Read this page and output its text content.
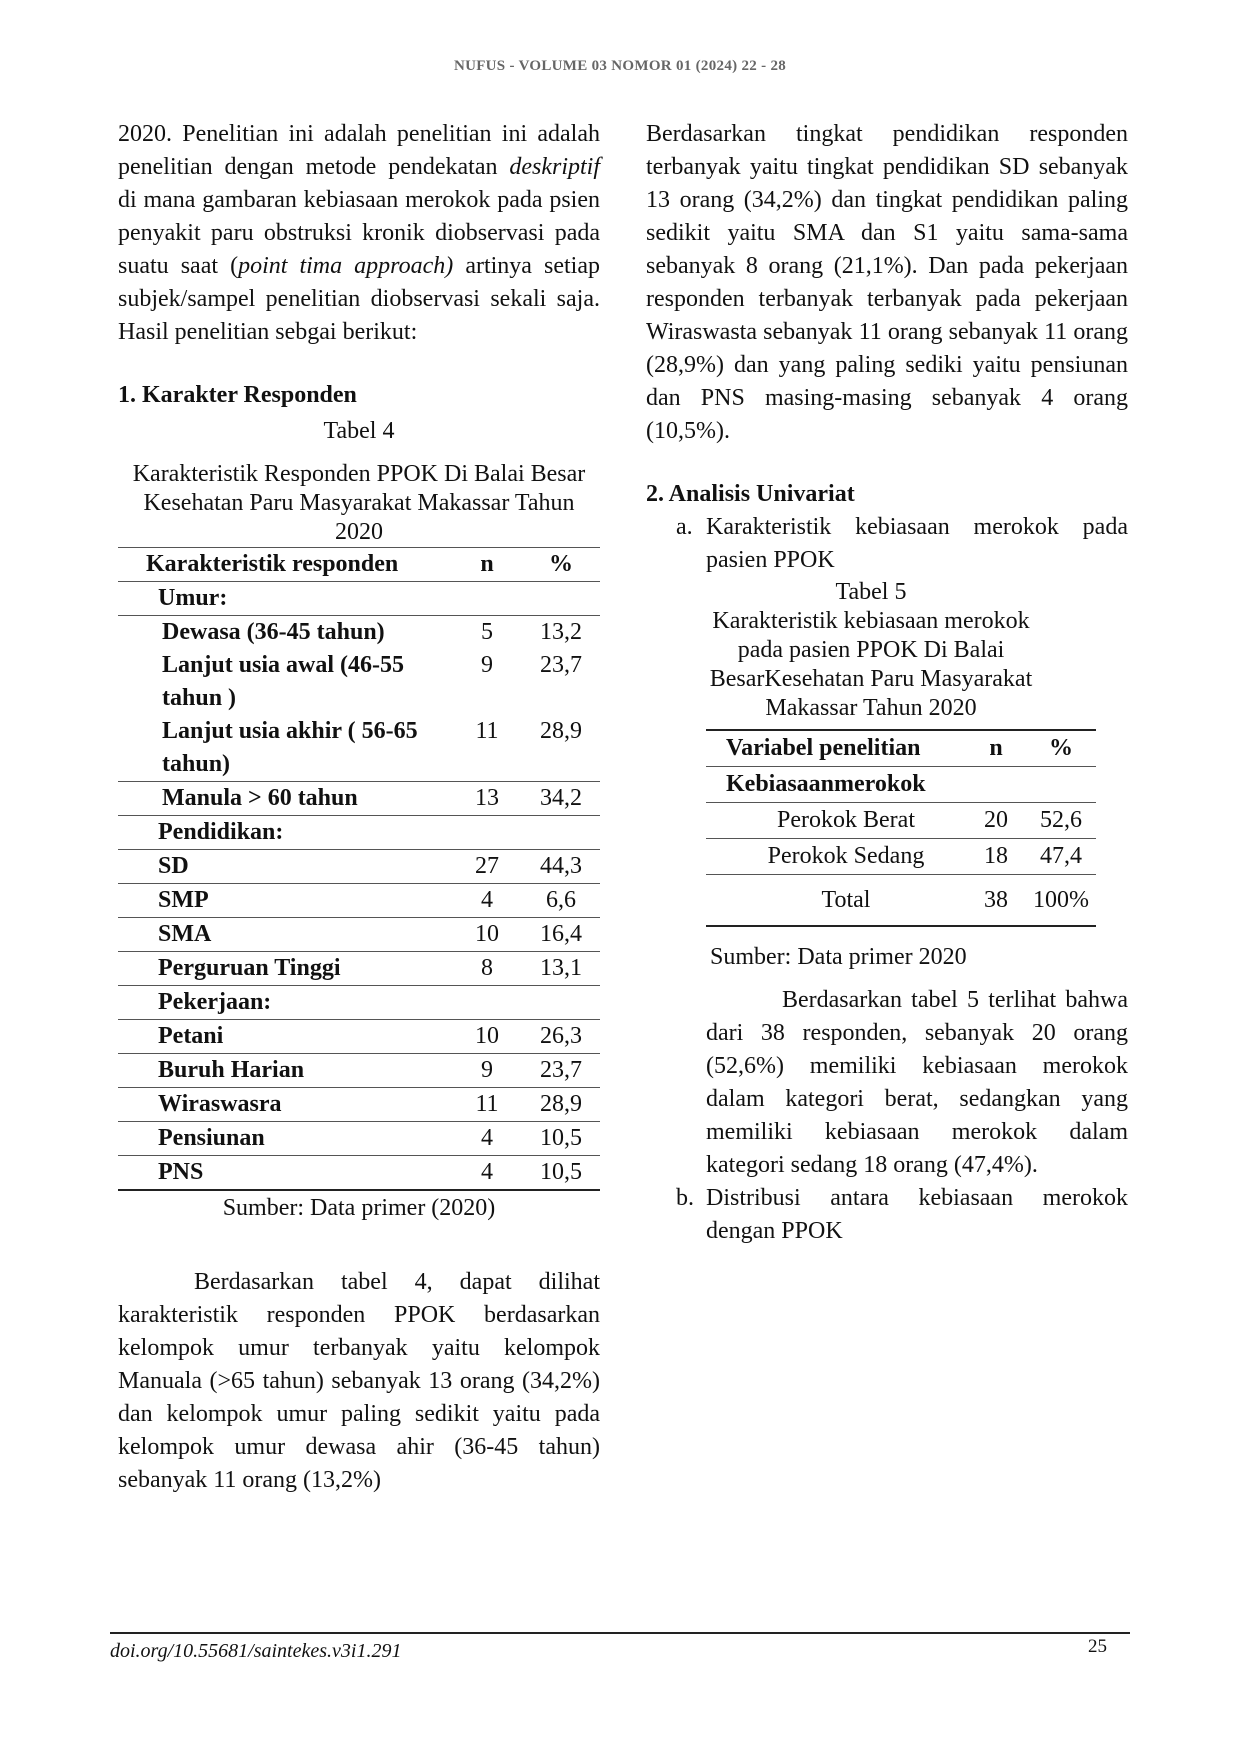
NUFUS - VOLUME 03 NOMOR 01 (2024) 22 - 28

2020. Penelitian ini adalah penelitian ini adalah penelitian dengan metode pendekatan deskriptif di mana gambaran kebiasaan merokok pada psien penyakit paru obstruksi kronik diobservasi pada suatu saat (point tima approach) artinya setiap subjek/sampel penelitian diobservasi sekali saja. Hasil penelitian sebgai berikut:

1. Karakter Responden

Tabel 4

Karakteristik Responden PPOK Di Balai Besar Kesehatan Paru Masyarakat Makassar Tahun 2020

Karakteristik responden	n	%
Umur:		
Dewasa (36-45 tahun)	5	13,2
Lanjut usia awal (46-55 tahun )	9	23,7
Lanjut usia akhir ( 56-65 tahun)	11	28,9
Manula > 60 tahun	13	34,2
Pendidikan:		
SD	27	44,3
SMP	4	6,6
SMA	10	16,4
Perguruan Tinggi	8	13,1
Pekerjaan:		
Petani	10	26,3
Buruh Harian	9	23,7
Wiraswasra	11	28,9
Pensiunan	4	10,5
PNS	4	10,5

Sumber: Data primer (2020)

Berdasarkan tabel 4, dapat dilihat karakteristik responden PPOK berdasarkan kelompok umur terbanyak yaitu kelompok Manuala (>65 tahun) sebanyak 13 orang (34,2%) dan kelompok umur paling sedikit yaitu pada kelompok umur dewasa ahir (36-45 tahun) sebanyak 11 orang (13,2%)

Berdasarkan tingkat pendidikan responden terbanyak yaitu tingkat pendidikan SD sebanyak 13 orang (34,2%) dan tingkat pendidikan paling sedikit yaitu SMA dan S1 yaitu sama-sama sebanyak 8 orang (21,1%). Dan pada pekerjaan responden terbanyak terbanyak pada pekerjaan Wiraswasta sebanyak 11 orang sebanyak 11 orang (28,9%) dan yang paling sediki yaitu pensiunan dan PNS masing-masing sebanyak 4 orang (10,5%).

2. Analisis Univariat

a. Karakteristik kebiasaan merokok pada pasien PPOK

Tabel 5

Karakteristik kebiasaan merokok pada pasien PPOK Di Balai BesarKesehatan Paru Masyarakat Makassar Tahun 2020

Variabel penelitian	n	%
Kebiasaanmerokok		
Perokok Berat	20	52,6
Perokok Sedang	18	47,4
Total	38	100%

Sumber: Data primer 2020

Berdasarkan tabel 5 terlihat bahwa dari 38 responden, sebanyak 20 orang (52,6%) memiliki kebiasaan merokok dalam kategori berat, sedangkan yang memiliki kebiasaan merokok dalam kategori sedang 18 orang (47,4%).

b. Distribusi antara kebiasaan merokok dengan PPOK
doi.org/10.55681/saintekes.v3i1.291	25
